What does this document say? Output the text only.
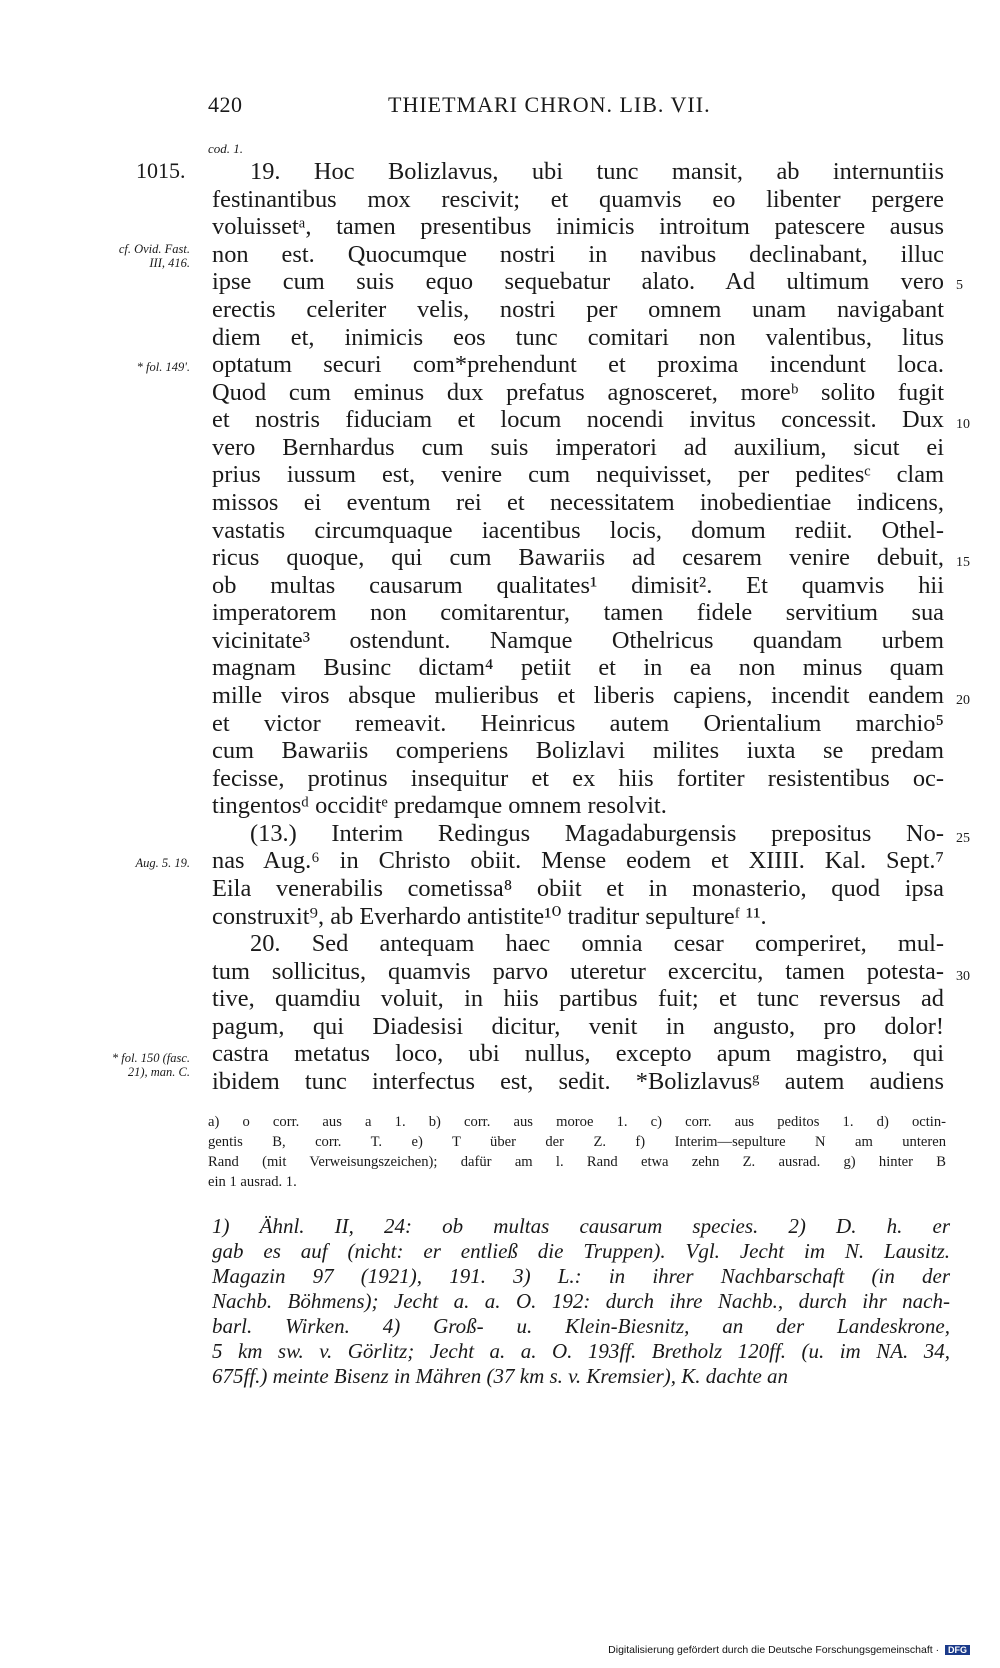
420	THIETMARI CHRON. LIB. VII.
cod. 1.
1015.
cf. Ovid. Fast. III, 416.
* fol. 149'.
Aug. 5. 19.
* fol. 150 (fasc. 21), man. C.
5
10
15
20
25
30
19. Hoc Bolizlavus, ubi tunc mansit, ab internuntiis
festinantibus mox rescivit; et quamvis eo libenter pergere
voluissetᵃ, tamen presentibus inimicis introitum patescere ausus
non est. Quocumque nostri in navibus declinabant, illuc
ipse cum suis equo sequebatur alato. Ad ultimum vero
erectis celeriter velis, nostri per omnem unam navigabant
diem et, inimicis eos tunc comitari non valentibus, litus
optatum securi com*prehendunt et proxima incendunt loca.
Quod cum eminus dux prefatus agnosceret, moreᵇ solito fugit
et nostris fiduciam et locum nocendi invitus concessit. Dux
vero Bernhardus cum suis imperatori ad auxilium, sicut ei
prius iussum est, venire cum nequivisset, per peditesᶜ clam
missos ei eventum rei et necessitatem inobedientiae indicens,
vastatis circumquaque iacentibus locis, domum rediit. Othel-
ricus quoque, qui cum Bawariis ad cesarem venire debuit,
ob multas causarum qualitates¹ dimisit². Et quamvis hii
imperatorem non comitarentur, tamen fidele servitium sua
vicinitate³ ostendunt. Namque Othelricus quandam urbem
magnam Businc dictam⁴ petiit et in ea non minus quam
mille viros absque mulieribus et liberis capiens, incendit eandem
et victor remeavit. Heinricus autem Orientalium marchio⁵
cum Bawariis comperiens Bolizlavi milites iuxta se predam
fecisse, protinus insequitur et ex hiis fortiter resistentibus oc-
tingentosᵈ occiditᵉ predamque omnem resolvit.
(13.) Interim Redingus Magadaburgensis prepositus No-
nas Aug.⁶ in Christo obiit. Mense eodem et XIIII. Kal. Sept.⁷
Eila venerabilis cometissa⁸ obiit et in monasterio, quod ipsa
construxit⁹, ab Everhardo antistite¹⁰ traditur sepultureᶠ ¹¹.
20. Sed antequam haec omnia cesar comperiret, mul-
tum sollicitus, quamvis parvo uteretur excercitu, tamen potesta-
tive, quamdiu voluit, in hiis partibus fuit; et tunc reversus ad
pagum, qui Diadesisi dicitur, venit in angusto, pro dolor!
castra metatus loco, ubi nullus, excepto apum magistro, qui
ibidem tunc interfectus est, sedit. *Bolizlavusᵍ autem audiens
a) o corr. aus a 1. b) corr. aus moroe 1. c) corr. aus peditos 1. d) octin-
gentis B, corr. T. e) T über der Z. f) Interim—sepulture N am unteren
Rand (mit Verweisungszeichen); dafür am l. Rand etwa zehn Z. ausrad. g) hinter B
ein 1 ausrad. 1.
1) Ähnl. II, 24: ob multas causarum species. 2) D. h. er
gab es auf (nicht: er entließ die Truppen). Vgl. Jecht im N. Lausitz.
Magazin 97 (1921), 191. 3) L.: in ihrer Nachbarschaft (in der
Nachb. Böhmens); Jecht a. a. O. 192: durch ihre Nachb., durch ihr nach-
barl. Wirken. 4) Groß- u. Klein-Biesnitz, an der Landeskrone,
5 km sw. v. Görlitz; Jecht a. a. O. 193ff. Bretholz 120ff. (u. im NA. 34,
675ff.) meinte Bisenz in Mähren (37 km s. v. Kremsier), K. dachte an
Digitalisierung gefördert durch die Deutsche Forschungsgemeinschaft · DFG
